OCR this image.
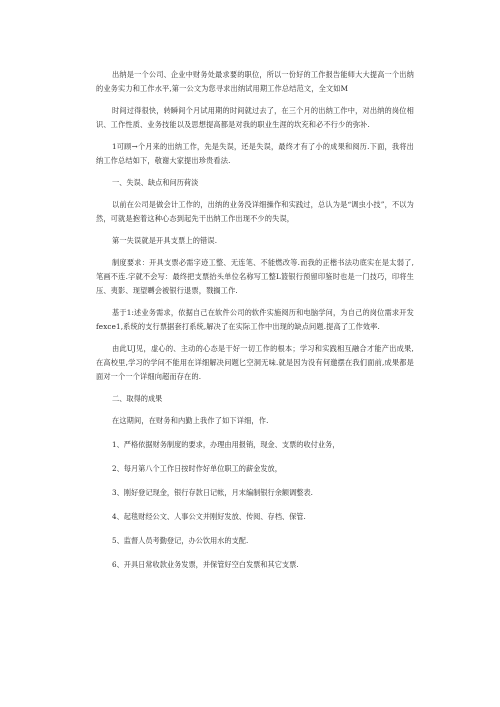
出纳是一个公司、企业中财务处最求要的职位，所以一份好的工作报告能师大大提高一个出纳的业务实力和工作水平,第一公文为您寻求出纳试用期工作总结范文，全文如M

时间过得很快，转瞬间个月试用期的时间就过去了，在三个月的出纳工作中，对出纳的岗位相识、工作性质、业务技能以及思想提高都是对我的职业生涯的坎充和必不行少的弥补.

1可顾→个月来的出纳工作，先是失误，还是失误，最终才有了小的成果和阅历.下面，我将出纳工作总结如下，敬谢大家提出珍贵看法.

一、失误、缺点和问历荷淡

以前在公司是做会计工作的，出纳的业务没详细操作和实践过，总认为是“调虫小技”，不以为然，可就是抱着这种心态到起先干出纳工作出现不少的失误，

第一失误就是开具支票上的错误.

制度要求：开具支票必需字迹工整、无连笔、不能燃改等.而我的正楷书法功底实在是太弱了,笔画不连.字就不会写：最终把支票抬头单位名称写工整L篮银行预留印鉴时也是一门技巧，印将生压、夷影、现望嚩会被银行退票，戮搁工作.

基于1:述业务需求，依据自己在软件公司的软件实施阅历和电脑学问，为自己的岗位需求开发fexce1,系统的支行票据套打系统,解决了在实际工作中出现的缺点问题.提高了工作效率.

由此UJ见，虚心的、主动的心态是干好一切工作的根本；学习和实践相互融合才能产出成果,在高校里,学习的学问不能用在详细解决问题匕空洞无味.就是因为没有何邀摆在我们面前,成果都是面对一个一个详细向超而存在的.

二、取得的成果

在这期间，在财务和内勤上我作了如下详细，作.

1、严格依据财务制度的要求，办理由用报销，现金、支票的收付业务，

2、每月第八个工作日按时作好单位职工的薪金发放，

3、刚好登记现金，银行存款日记帐，月末编制银行余额调整表.

4、起毯财经公文、人事公文并刚好发放、传阅、存档、保管.

5、监督人员考勤登记，办公饮用水的支配.

6、开具日常收款业务发票，并保管好空白发票和其它支票.
